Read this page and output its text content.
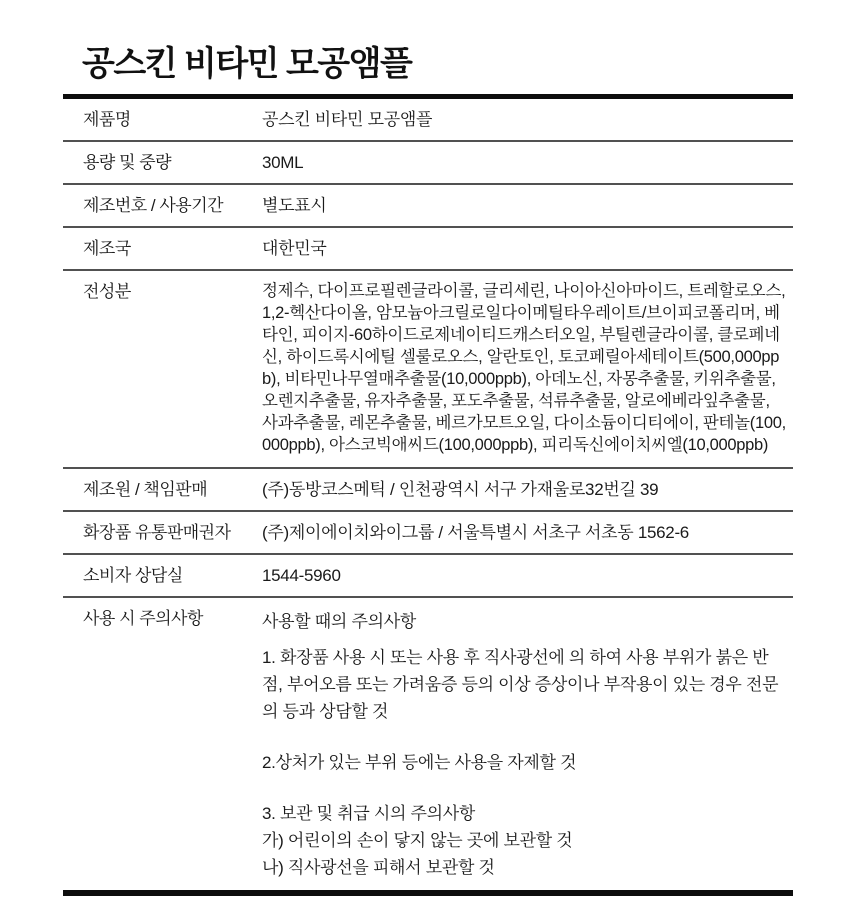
공스킨 비타민 모공앰플
제품명	공스킨 비타민 모공앰플
용량 및 중량	30ML
제조번호 / 사용기간	별도표시
제조국	대한민국
전성분	정제수, 다이프로필렌글라이콜, 글리세린, 나이아신아마이드, 트레할로오스, 1,2-헥산다이올, 암모늄아크릴로일다이메틸타우레이트/브이피코폴리머, 베타인, 피이지-60하이드로제네이티드캐스터오일, 부틸렌글라이콜, 클로페네신, 하이드록시에틸 셀룰로오스, 알란토인, 토코페릴아세테이트(500,000ppb), 비타민나무열매추출물(10,000ppb), 아데노신, 자몽추출물, 키위추출물, 오렌지추출물, 유자추출물, 포도추출물, 석류추출물, 알로에베라잎추출물, 사과추출물, 레몬추출물, 베르가모트오일, 다이소듐이디티에이, 판테놀(100,000ppb), 아스코빅애씨드(100,000ppb), 피리독신에이치씨엘(10,000ppb)
제조원 / 책임판매	(주)동방코스메틱 / 인천광역시 서구 가재울로32번길 39
화장품 유통판매권자	(주)제이에이치와이그룹 / 서울특별시 서초구 서초동 1562-6
소비자 상담실	1544-5960
사용 시 주의사항	사용할 때의 주의사항

1. 화장품 사용 시 또는 사용 후 직사광선에 의 하여 사용 부위가 붉은 반점, 부어오름 또는 가려움증 등의 이상 증상이나 부작용이 있는 경우 전문의 등과 상담할 것

2.상처가 있는 부위 등에는 사용을 자제할 것

3. 보관 및 취급 시의 주의사항
가) 어린이의 손이 닿지 않는 곳에 보관할 것
나) 직사광선을 피해서 보관할 것
